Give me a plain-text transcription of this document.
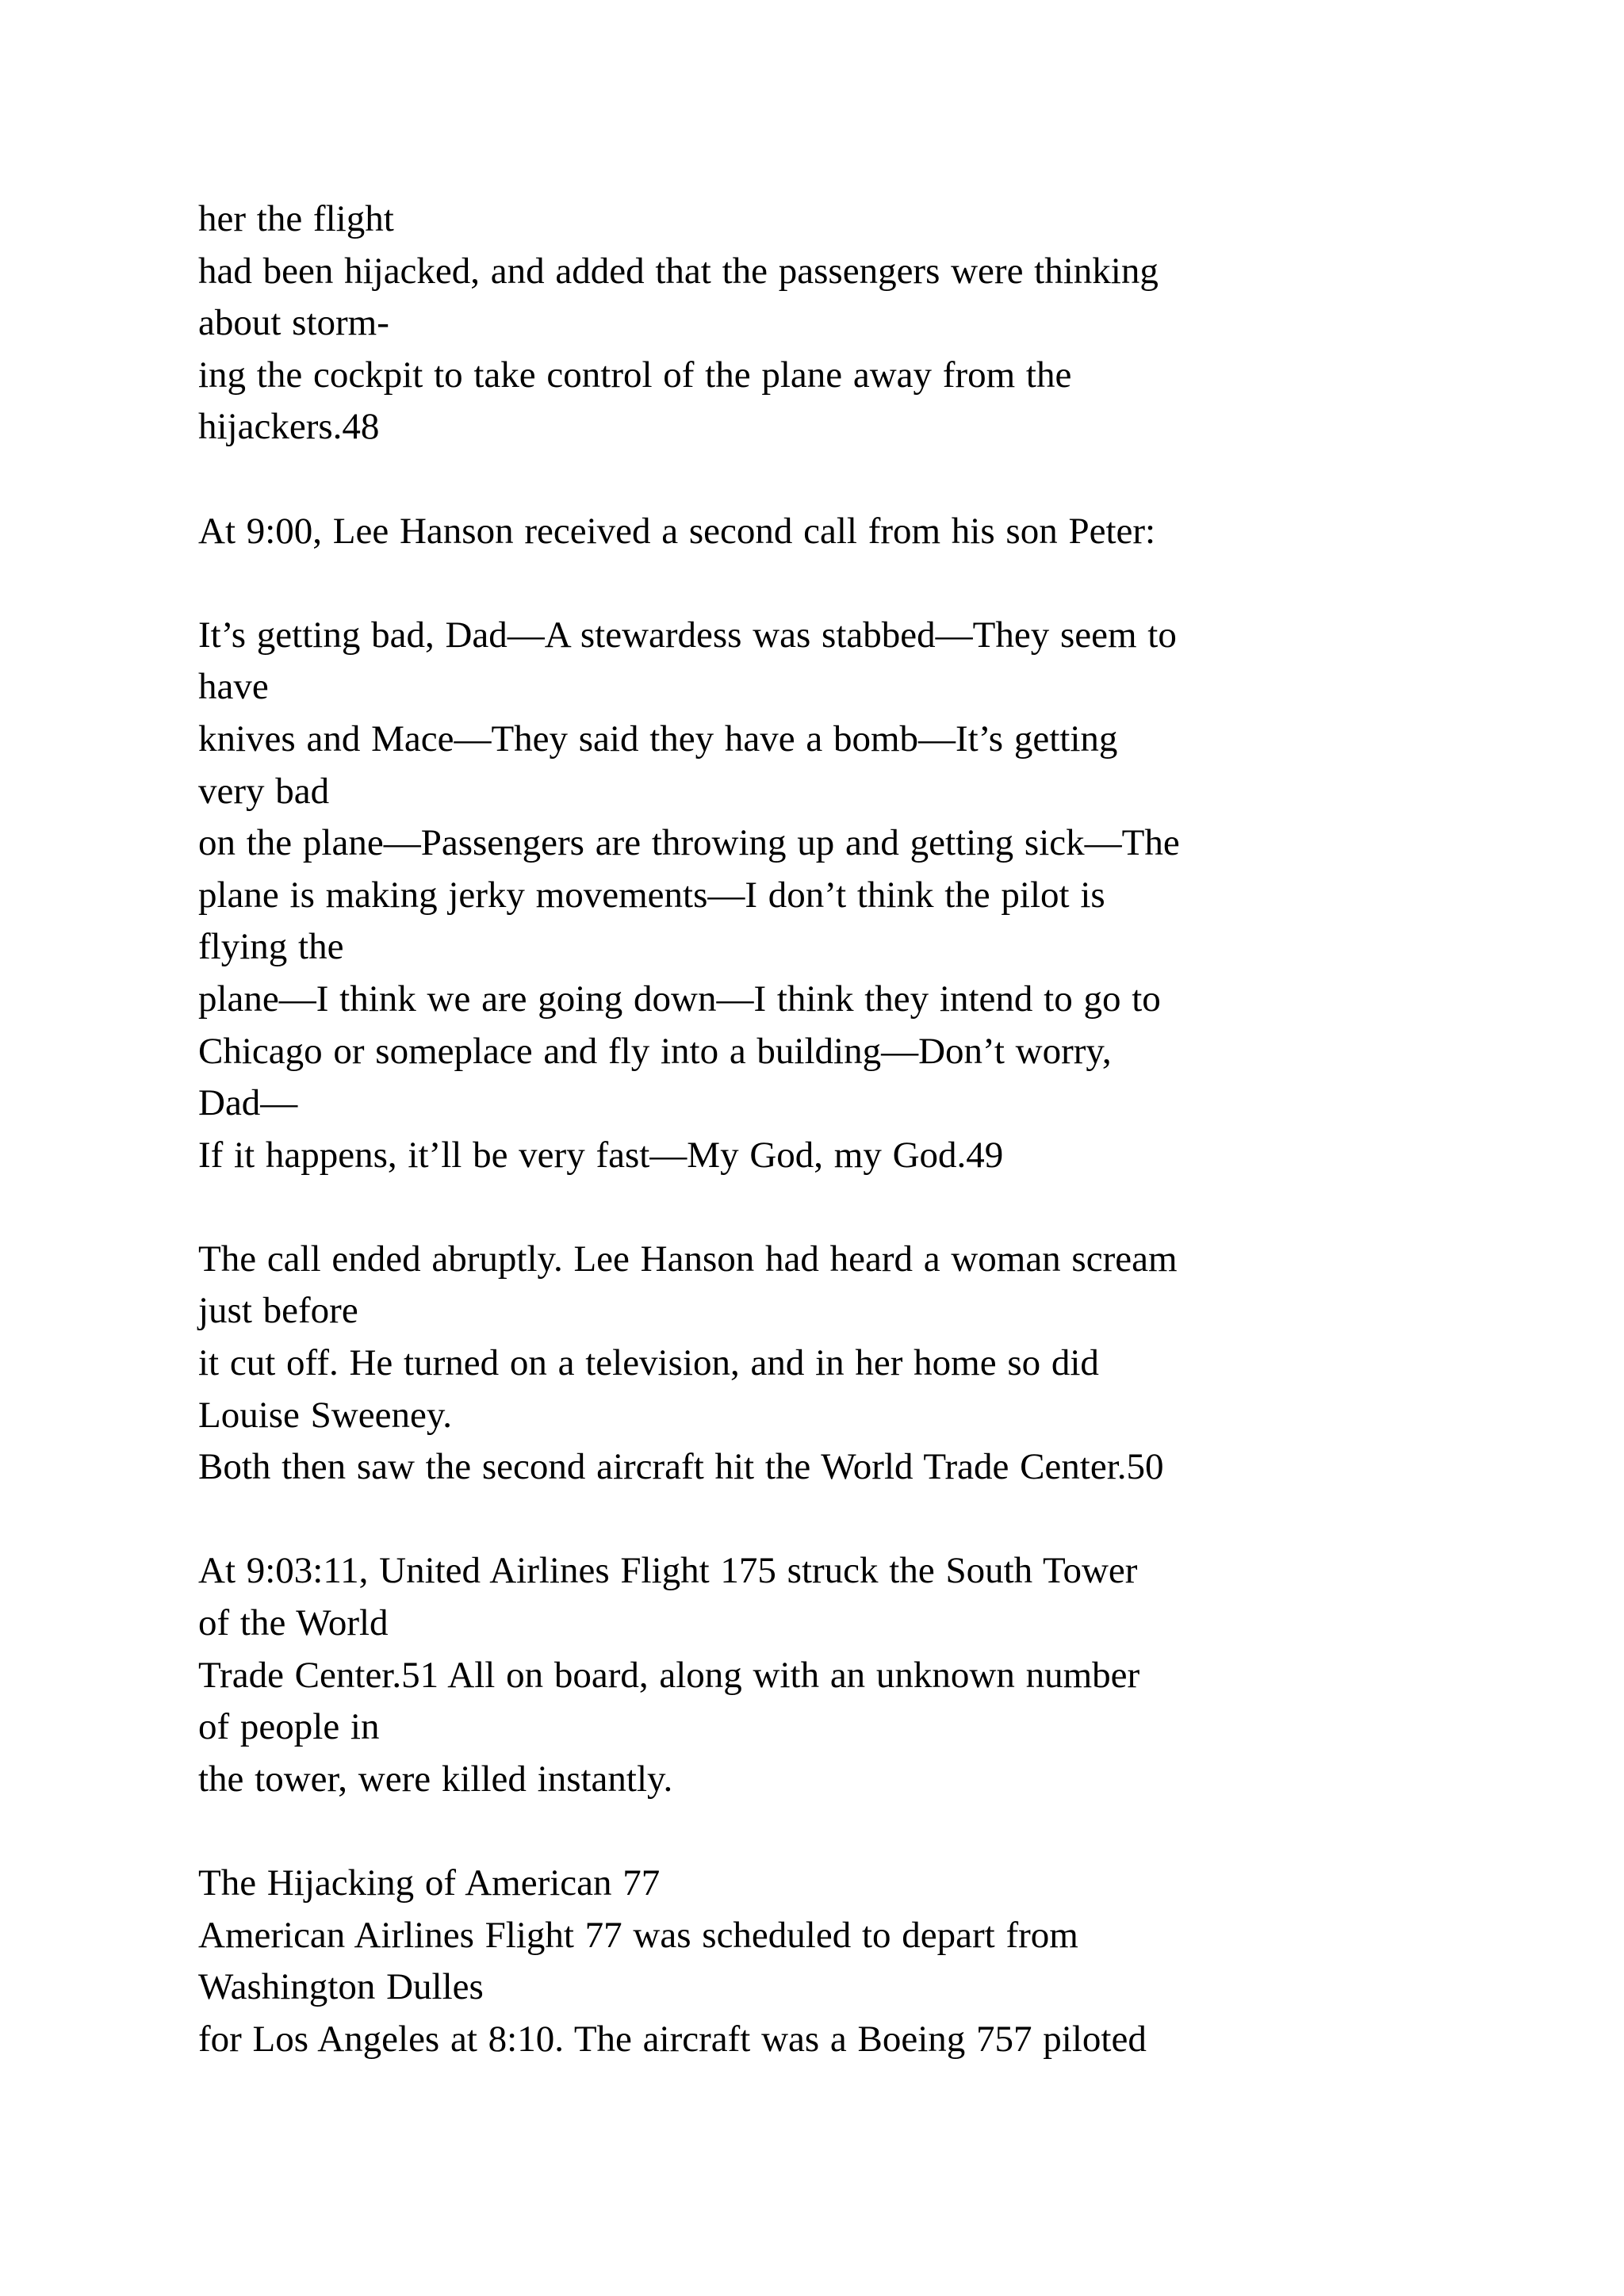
her the flight
had been hijacked, and added that the passengers were thinking
about storm-
ing the cockpit to take control of the plane away from the
hijackers.48
At 9:00, Lee Hanson received a second call from his son Peter:
It’s getting bad, Dad—A stewardess was stabbed—They seem to
have
knives and Mace—They said they have a bomb—It’s getting
very bad
on the plane—Passengers are throwing up and getting sick—The
plane is making jerky movements—I don’t think the pilot is
flying the
plane—I think we are going down—I think they intend to go to
Chicago or someplace and fly into a building—Don’t worry,
Dad—
If it happens, it’ll be very fast—My God, my God.49
The call ended abruptly. Lee Hanson had heard a woman scream
just before
it cut off. He turned on a television, and in her home so did
Louise Sweeney.
Both then saw the second aircraft hit the World Trade Center.50
At 9:03:11, United Airlines Flight 175 struck the South Tower
of the World
Trade Center.51 All on board, along with an unknown number
of people in
the tower, were killed instantly.
The Hijacking of American 77
American Airlines Flight 77 was scheduled to depart from
Washington Dulles
for Los Angeles at 8:10. The aircraft was a Boeing 757 piloted
